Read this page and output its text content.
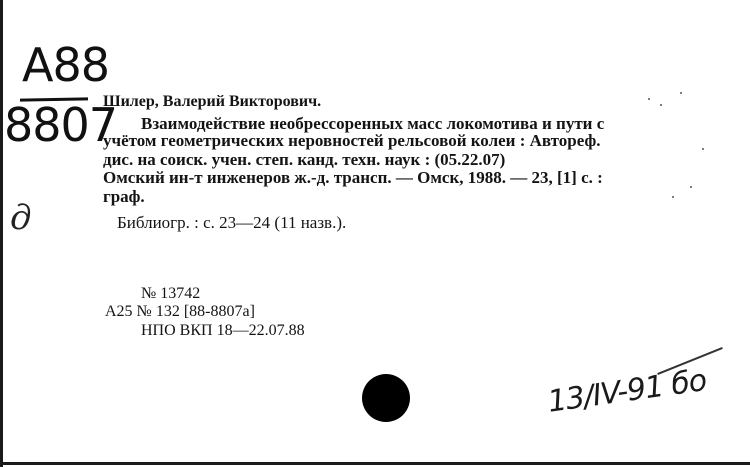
A88
8807
д
Шилер, Валерий Викторович.
Взаимодействие необрессоренных масс локомотива и пути с
учётом геометрических неровностей рельсовой колеи : Автореф.
дис. на соиск. учен. степ. канд. техн. наук : (05.22.07)
Омский ин-т инженеров ж.-д. трансп. — Омск, 1988. — 23, [1] с. :
граф.
Библиогр. : с. 23—24 (11 назв.).
№ 13742
А25 № 132 [88-8807а]
НПО ВКП 18—22.07.88
13/IV-91 бо
